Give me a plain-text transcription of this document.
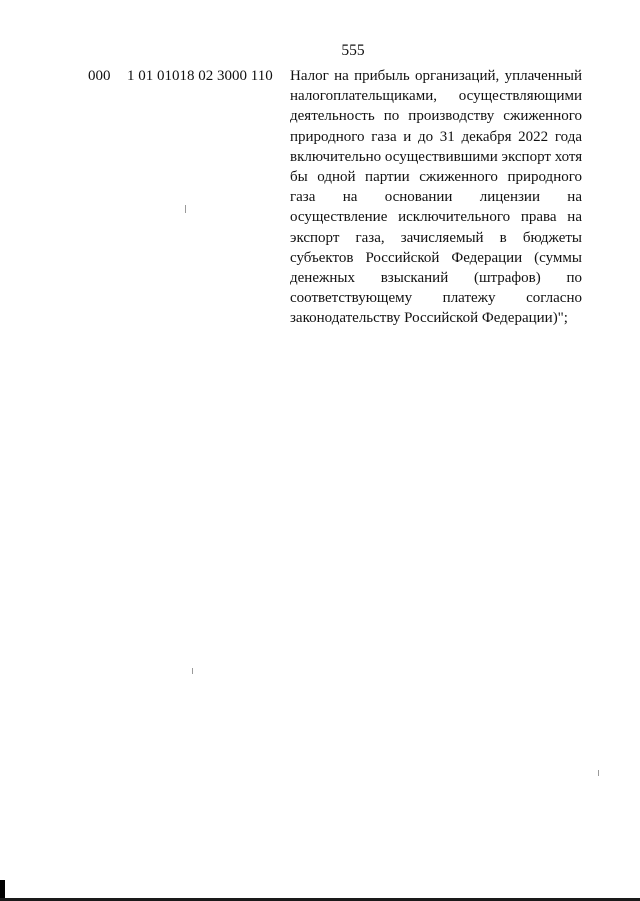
555
000 1 01 01018 02 3000 110 Налог на прибыль организаций, уплаченный
налогоплательщиками, осуществляющими
деятельность по производству сжиженного
природного газа и до 31 декабря 2022 года
включительно осуществившими экспорт хотя
бы одной партии сжиженного природного
газа на основании лицензии на
осуществление исключительного права на
экспорт газа, зачисляемый в бюджеты
субъектов Российской Федерации (суммы
денежных взысканий (штрафов) по
соответствующему платежу согласно
законодательству Российской Федерации)";
